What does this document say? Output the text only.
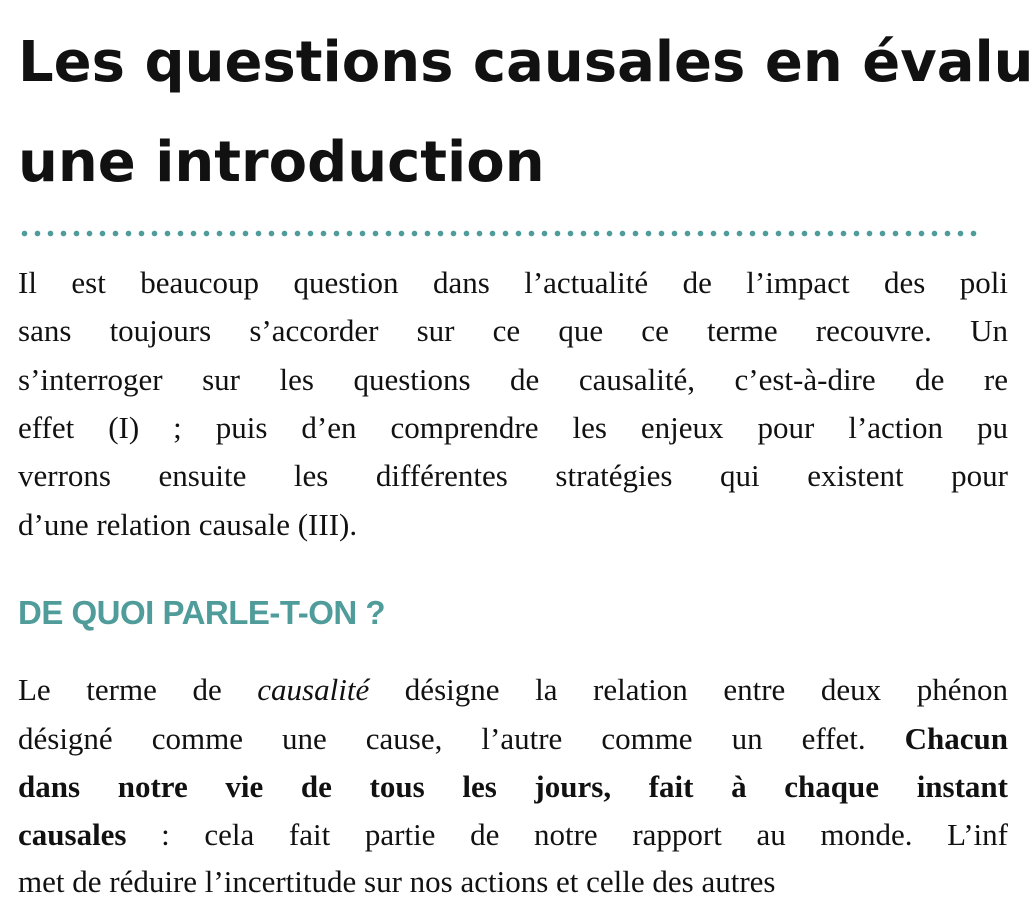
Les questions causales en évalu
une introduction

Il est beaucoup question dans l’actualité de l’impact des poli

sans toujours s’accorder sur ce que ce terme recouvre. Un

s’interroger sur les questions de causalité, c’est-à-dire de re

effet (I) ; puis d’en comprendre les enjeux pour l’action pu

verrons ensuite les différentes stratégies qui existent pour

d’une relation causale (III).

DE QUOI PARLE-T-ON ?

Le terme de causalité désigne la relation entre deux phénon

désigné comme une cause, l’autre comme un effet. Chacun

dans notre vie de tous les jours, fait à chaque instant

causales : cela fait partie de notre rapport au monde. L’inf

met de réduire l’incertitude sur nos actions et celle des autres
